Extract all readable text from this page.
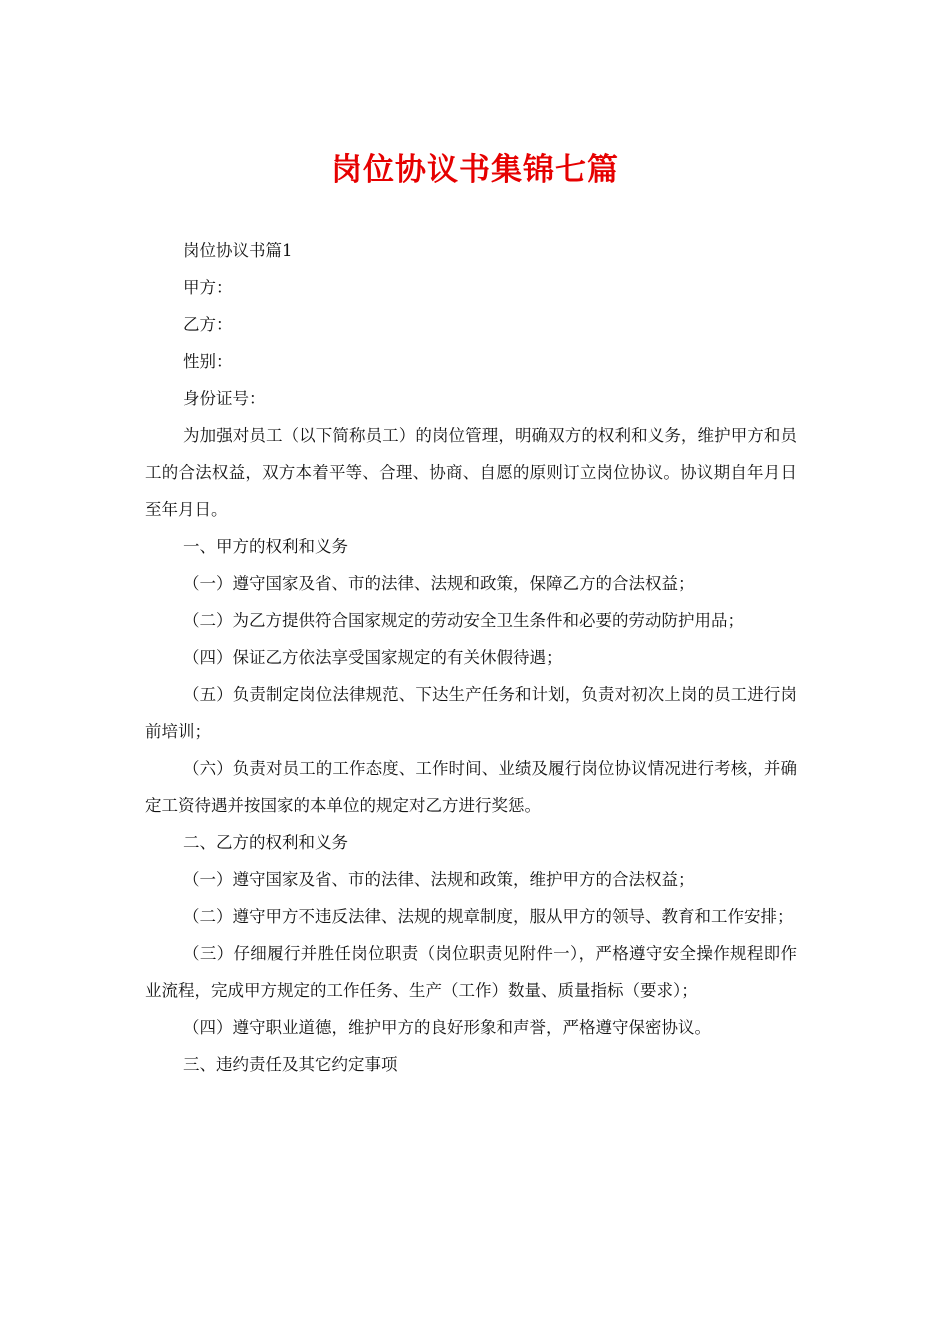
岗位协议书集锦七篇

岗位协议书篇1

甲方：

乙方：

性别：

身份证号：

为加强对员工（以下简称员工）的岗位管理，明确双方的权利和义务，维护甲方和员工的合法权益，双方本着平等、合理、协商、自愿的原则订立岗位协议。协议期自年月日至年月日。

一、甲方的权利和义务

（一）遵守国家及省、市的法律、法规和政策，保障乙方的合法权益；

（二）为乙方提供符合国家规定的劳动安全卫生条件和必要的劳动防护用品；

（四）保证乙方依法享受国家规定的有关休假待遇；

（五）负责制定岗位法律规范、下达生产任务和计划，负责对初次上岗的员工进行岗前培训；

（六）负责对员工的工作态度、工作时间、业绩及履行岗位协议情况进行考核，并确定工资待遇并按国家的本单位的规定对乙方进行奖惩。

二、乙方的权利和义务

（一）遵守国家及省、市的法律、法规和政策，维护甲方的合法权益；

（二）遵守甲方不违反法律、法规的规章制度，服从甲方的领导、教育和工作安排；

（三）仔细履行并胜任岗位职责（岗位职责见附件一），严格遵守安全操作规程即作业流程，完成甲方规定的工作任务、生产（工作）数量、质量指标（要求）；

（四）遵守职业道德，维护甲方的良好形象和声誉，严格遵守保密协议。

三、违约责任及其它约定事项
